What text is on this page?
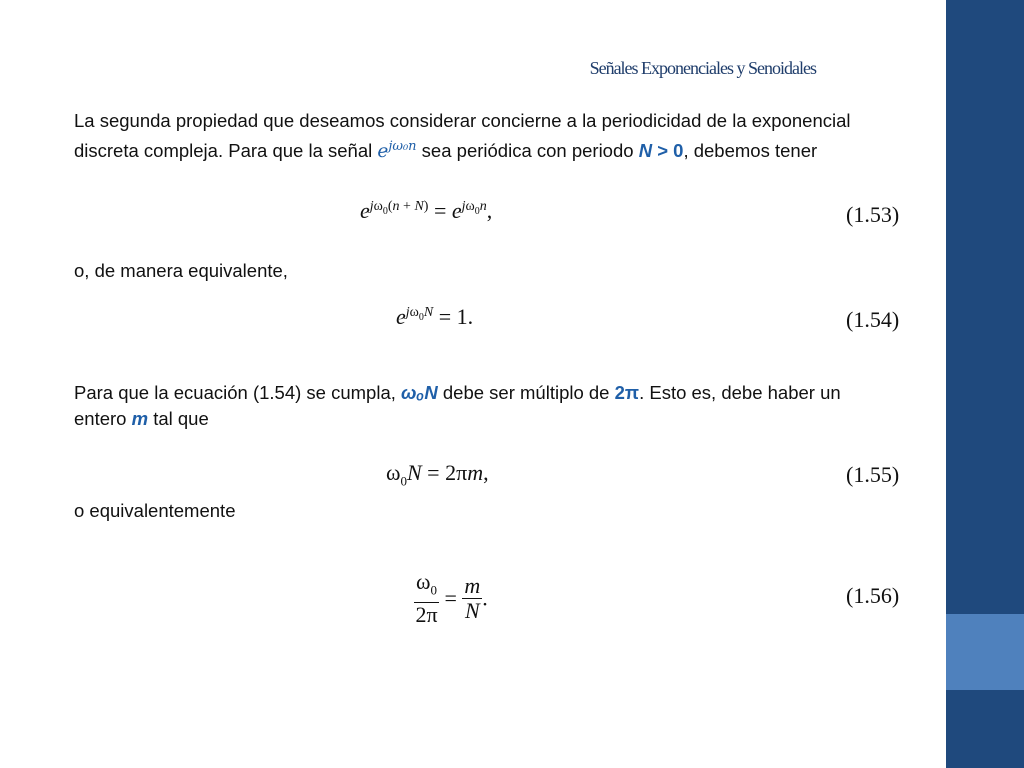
Señales Exponenciales y Senoidales
La segunda propiedad que deseamos considerar concierne a la periodicidad de la exponencial
discreta compleja. Para que la señal $e^{j\omega_0n}$ sea periódica con periodo N > 0, debemos tener
$e^{j\omega_0(n + N)} = e^{j\omega_0n}$,	(1.53)
o, de manera equivalente,
$e^{j\omega_0N} = 1$.	(1.54)
Para que la ecuación (1.54) se cumpla, ωₒN debe ser múltiplo de 2π. Esto es, debe haber un
entero m tal que
$\omega_0N = 2\pi m$,	(1.55)
o equivalentemente
$\frac{\omega_0}{2\pi} = \frac{m}{N}$ .	(1.56)
